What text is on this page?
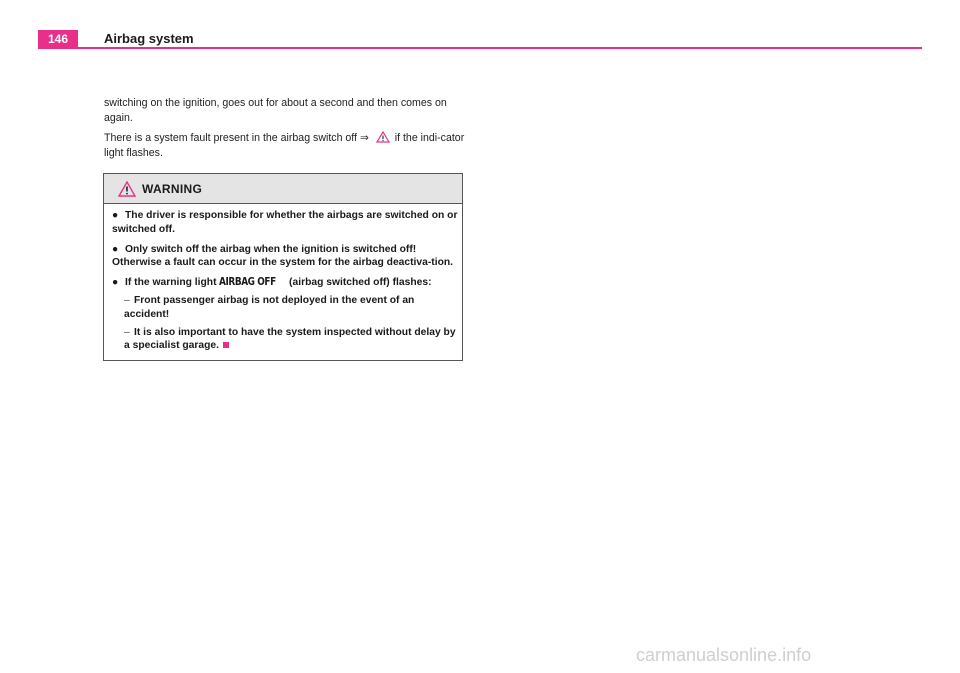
146	Airbag system
switching on the ignition, goes out for about a second and then comes on again.
There is a system fault present in the airbag switch off ⇒  if the indi-cator light flashes.
WARNING
● The driver is responsible for whether the airbags are switched on or switched off.
● Only switch off the airbag when the ignition is switched off! Otherwise a fault can occur in the system for the airbag deactiva-tion.
● If the warning light AIRBAG OFF (airbag switched off) flashes:
– Front passenger airbag is not deployed in the event of an accident!
– It is also important to have the system inspected without delay by a specialist garage.
carmanualsonline.info
